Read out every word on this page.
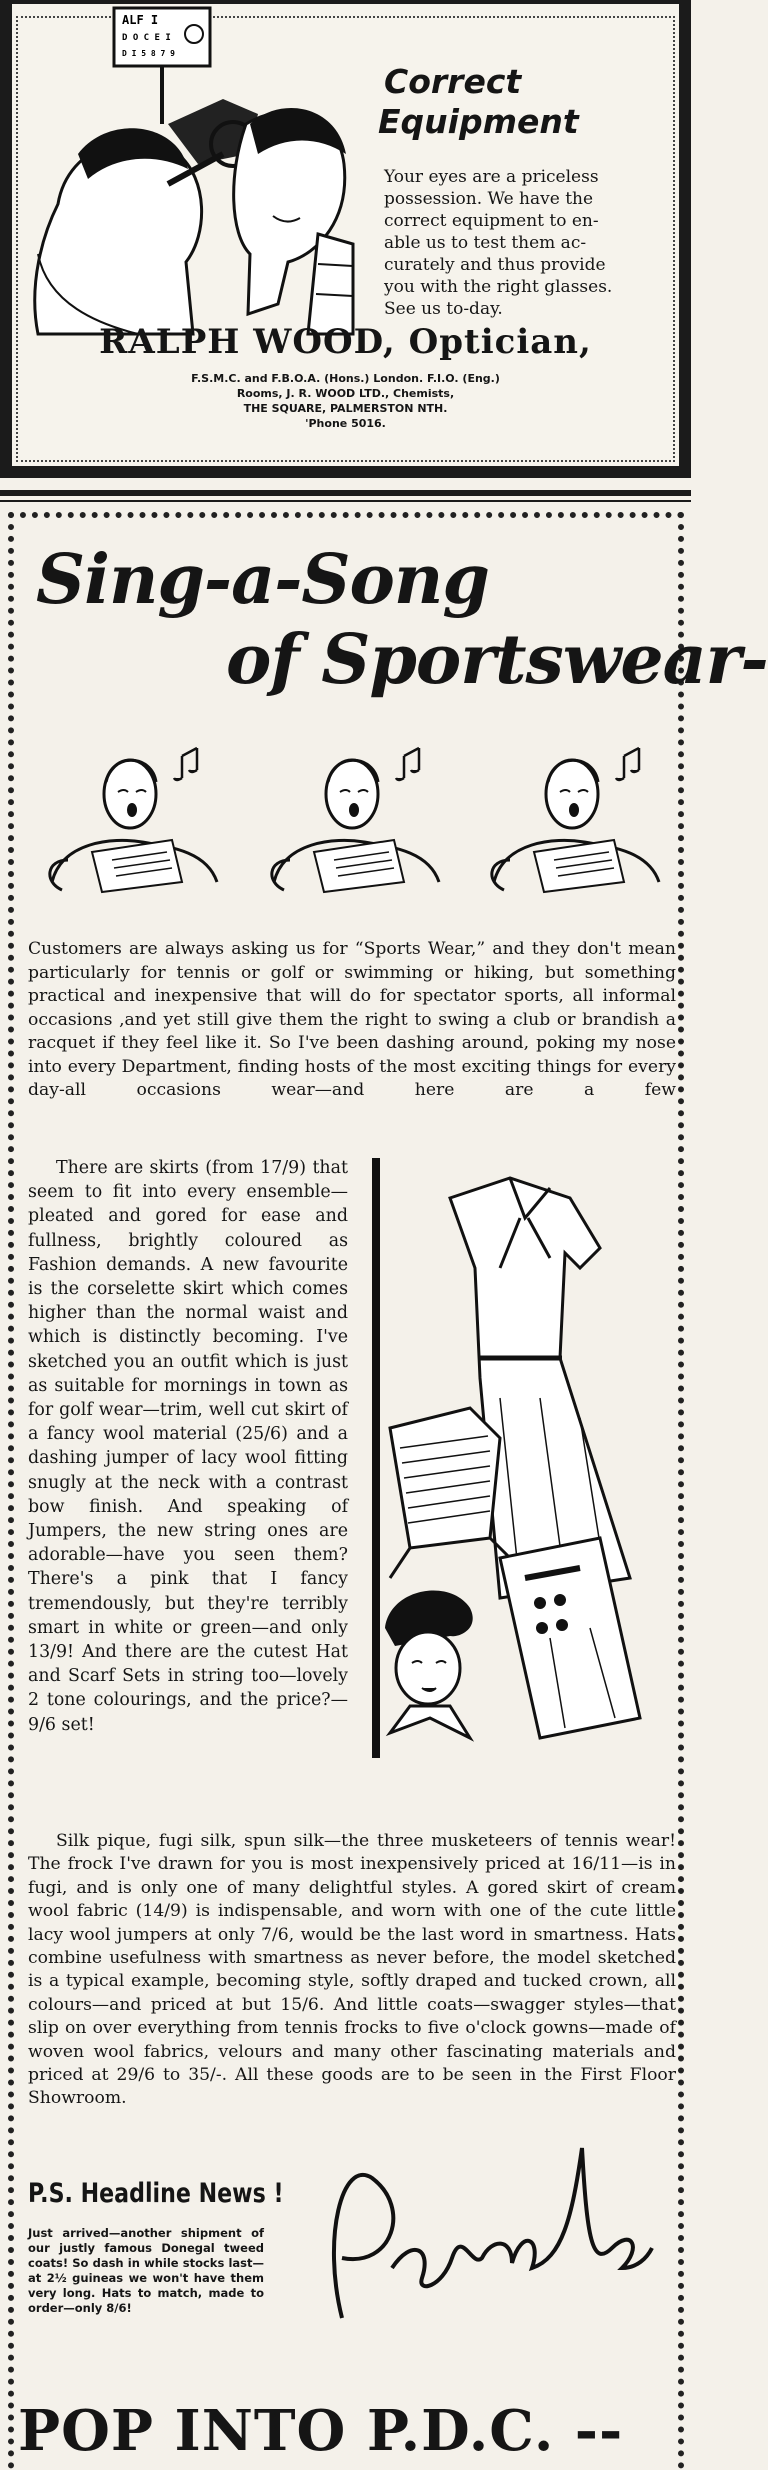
ALF I
D O C E I
D I 5 8 7 9
Correct
Equipment
Your eyes are a priceless
possession. We have the
correct equipment to en-
able us to test them ac-
curately and thus provide
you with the right glasses.
See us to-day.
RALPH WOOD, Optician,
F.S.M.C. and F.B.O.A. (Hons.) London. F.I.O. (Eng.)
Rooms, J. R. WOOD LTD., Chemists,
THE SQUARE, PALMERSTON NTH.
'Phone 5016.
Sing-a-Song
of Sportswear-
Customers are always asking us for “Sports Wear,” and they don't mean particularly for tennis or golf or swimming or hiking, but something practical and inexpensive that will do for spectator sports, all informal occasions ,and yet still give them the right to swing a club or brandish a racquet if they feel like it. So I've been dashing around, poking my nose into every Department, finding hosts of the most exciting things for every day-all occasions wear—and here are a few
There are skirts (from 17/9) that seem to fit into every ensemble—pleated and gored for ease and fullness, brightly coloured as Fashion demands. A new favourite is the corselette skirt which comes higher than the normal waist and which is distinctly becoming. I've sketched you an outfit which is just as suitable for mornings in town as for golf wear—trim, well cut skirt of a fancy wool material (25/6) and a dashing jumper of lacy wool fitting snugly at the neck with a contrast bow finish. And speaking of Jumpers, the new string ones are adorable—have you seen them? There's a pink that I fancy tremendously, but they're terribly smart in white or green—and only 13/9! And there are the cutest Hat and Scarf Sets in string too—lovely 2 tone colourings, and the price?— 9/6 set!
Silk pique, fugi silk, spun silk—the three musketeers of tennis wear! The frock I've drawn for you is most inexpensively priced at 16/11—is in fugi, and is only one of many delightful styles. A gored skirt of cream wool fabric (14/9) is indispensable, and worn with one of the cute little lacy wool jumpers at only 7/6, would be the last word in smartness. Hats combine usefulness with smartness as never before, the model sketched is a typical example, becoming style, softly draped and tucked crown, all colours—and priced at but 15/6. And little coats—swagger styles—that slip on over everything from tennis frocks to five o'clock gowns—made of woven wool fabrics, velours and many other fascinating materials and priced at 29/6 to 35/-. All these goods are to be seen in the First Floor Showroom.
P.S. Headline News !
Just arrived—another shipment of our justly famous Donegal tweed coats! So dash in while stocks last—at 2½ guineas we won't have them very long. Hats to match, made to order—only 8/6!
POP INTO P.D.C. --
